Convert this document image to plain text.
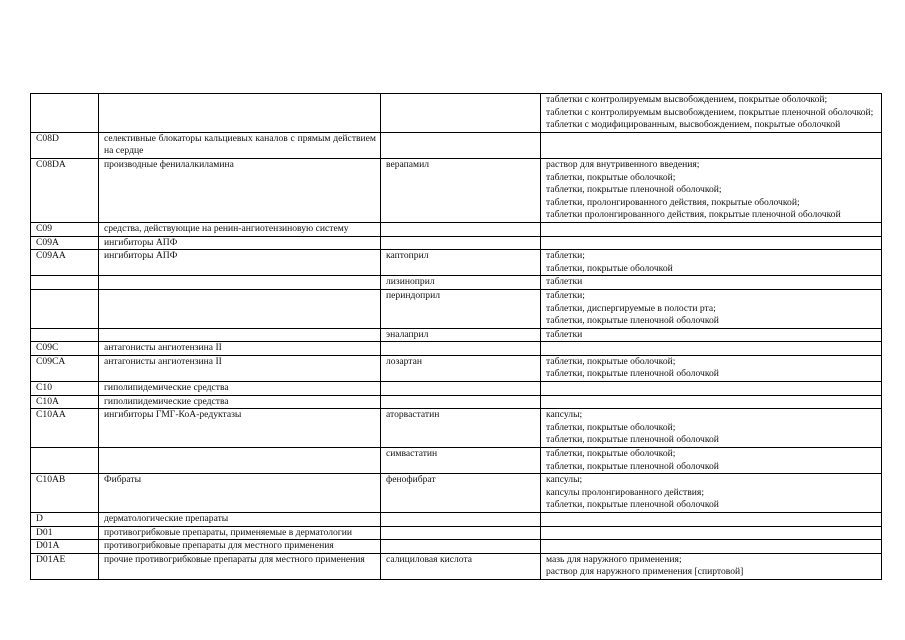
			таблетки с контролируемым высвобождением, покрытые оболочкой;
таблетки с контролируемым высвобождением, покрытые пленочной оболочкой;
таблетки с модифицированным, высвобождением, покрытые оболочкой

C08D	селективные блокаторы кальциевых каналов с прямым действием на сердце		
C08DA	производные фенилалкиламина	верапамил	раствор для внутривенного введения;
таблетки, покрытые оболочкой;
таблетки, покрытые пленочной оболочкой;
таблетки, пролонгированного действия, покрытые оболочкой;
таблетки пролонгированного действия, покрытые пленочной оболочкой

C09	средства, действующие на ренин-ангиотензиновую систему		
C09A	ингибиторы АПФ		
C09AA	ингибиторы АПФ	каптоприл	таблетки;
таблетки, покрытые оболочкой

		лизиноприл	таблетки

		периндоприл	таблетки;
таблетки, диспергируемые в полости рта;
таблетки, покрытые пленочной оболочкой

		эналаприл	таблетки

C09C	антагонисты ангиотензина II		
C09CA	антагонисты ангиотензина II	лозартан	таблетки, покрытые оболочкой;
таблетки, покрытые пленочной оболочкой

C10	гиполипидемические средства		
C10A	гиполипидемические средства		
C10AA	ингибиторы ГМГ-КоА-редуктазы	аторвастатин	капсулы;
таблетки, покрытые оболочкой;
таблетки, покрытые пленочной оболочкой

		симвастатин	таблетки, покрытые оболочкой;
таблетки, покрытые пленочной оболочкой

C10AB	Фибраты	фенофибрат	капсулы;
капсулы пролонгированного действия;
таблетки, покрытые пленочной оболочкой

D	дерматологические препараты		
D01	противогрибковые препараты, применяемые в дерматологии		
D01A	противогрибковые препараты для местного применения		
D01AE	прочие противогрибковые препараты для местного применения	салициловая кислота	мазь для наружного применения;
раствор для наружного применения [спиртовой]
